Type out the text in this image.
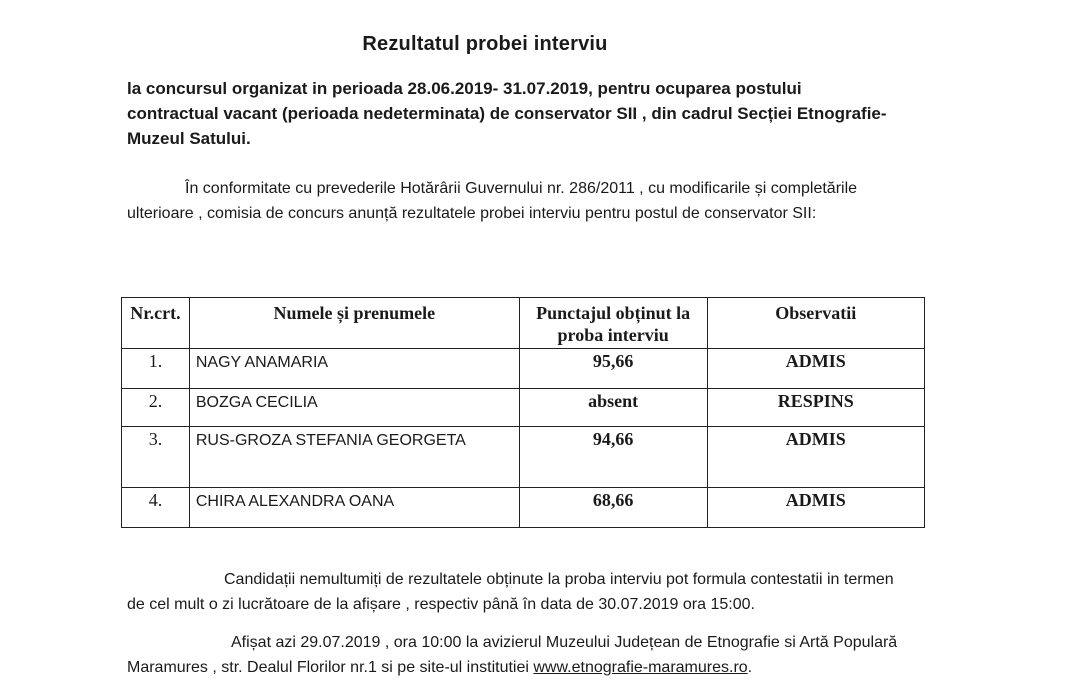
Rezultatul probei interviu
la concursul organizat in perioada 28.06.2019- 31.07.2019, pentru ocuparea postului contractual vacant (perioada nedeterminata) de conservator SII , din cadrul Secției Etnografie-Muzeul Satului.

În conformitate cu prevederile Hotărârii Guvernului nr. 286/2011 , cu modificarile și completările ulterioare , comisia de concurs anunță rezultatele probei interviu pentru postul de conservator SII:

Nr.crt.	Numele și prenumele	Punctajul obținut la proba interviu	Observatii
1.	NAGY ANAMARIA	95,66	ADMIS
2.	BOZGA CECILIA	absent	RESPINS
3.	RUS-GROZA STEFANIA GEORGETA	94,66	ADMIS
4.	CHIRA ALEXANDRA OANA	68,66	ADMIS

Candidații nemultumiți de rezultatele obținute la proba interviu pot formula contestatii in termen de cel mult o zi lucrătoare de la afișare , respectiv până în data de 30.07.2019 ora 15:00.

Afișat azi 29.07.2019 , ora 10:00 la avizierul Muzeului Județean de Etnografie si Artă Populară Maramures , str. Dealul Florilor nr.1 si pe site-ul institutiei www.etnografie-maramures.ro.
